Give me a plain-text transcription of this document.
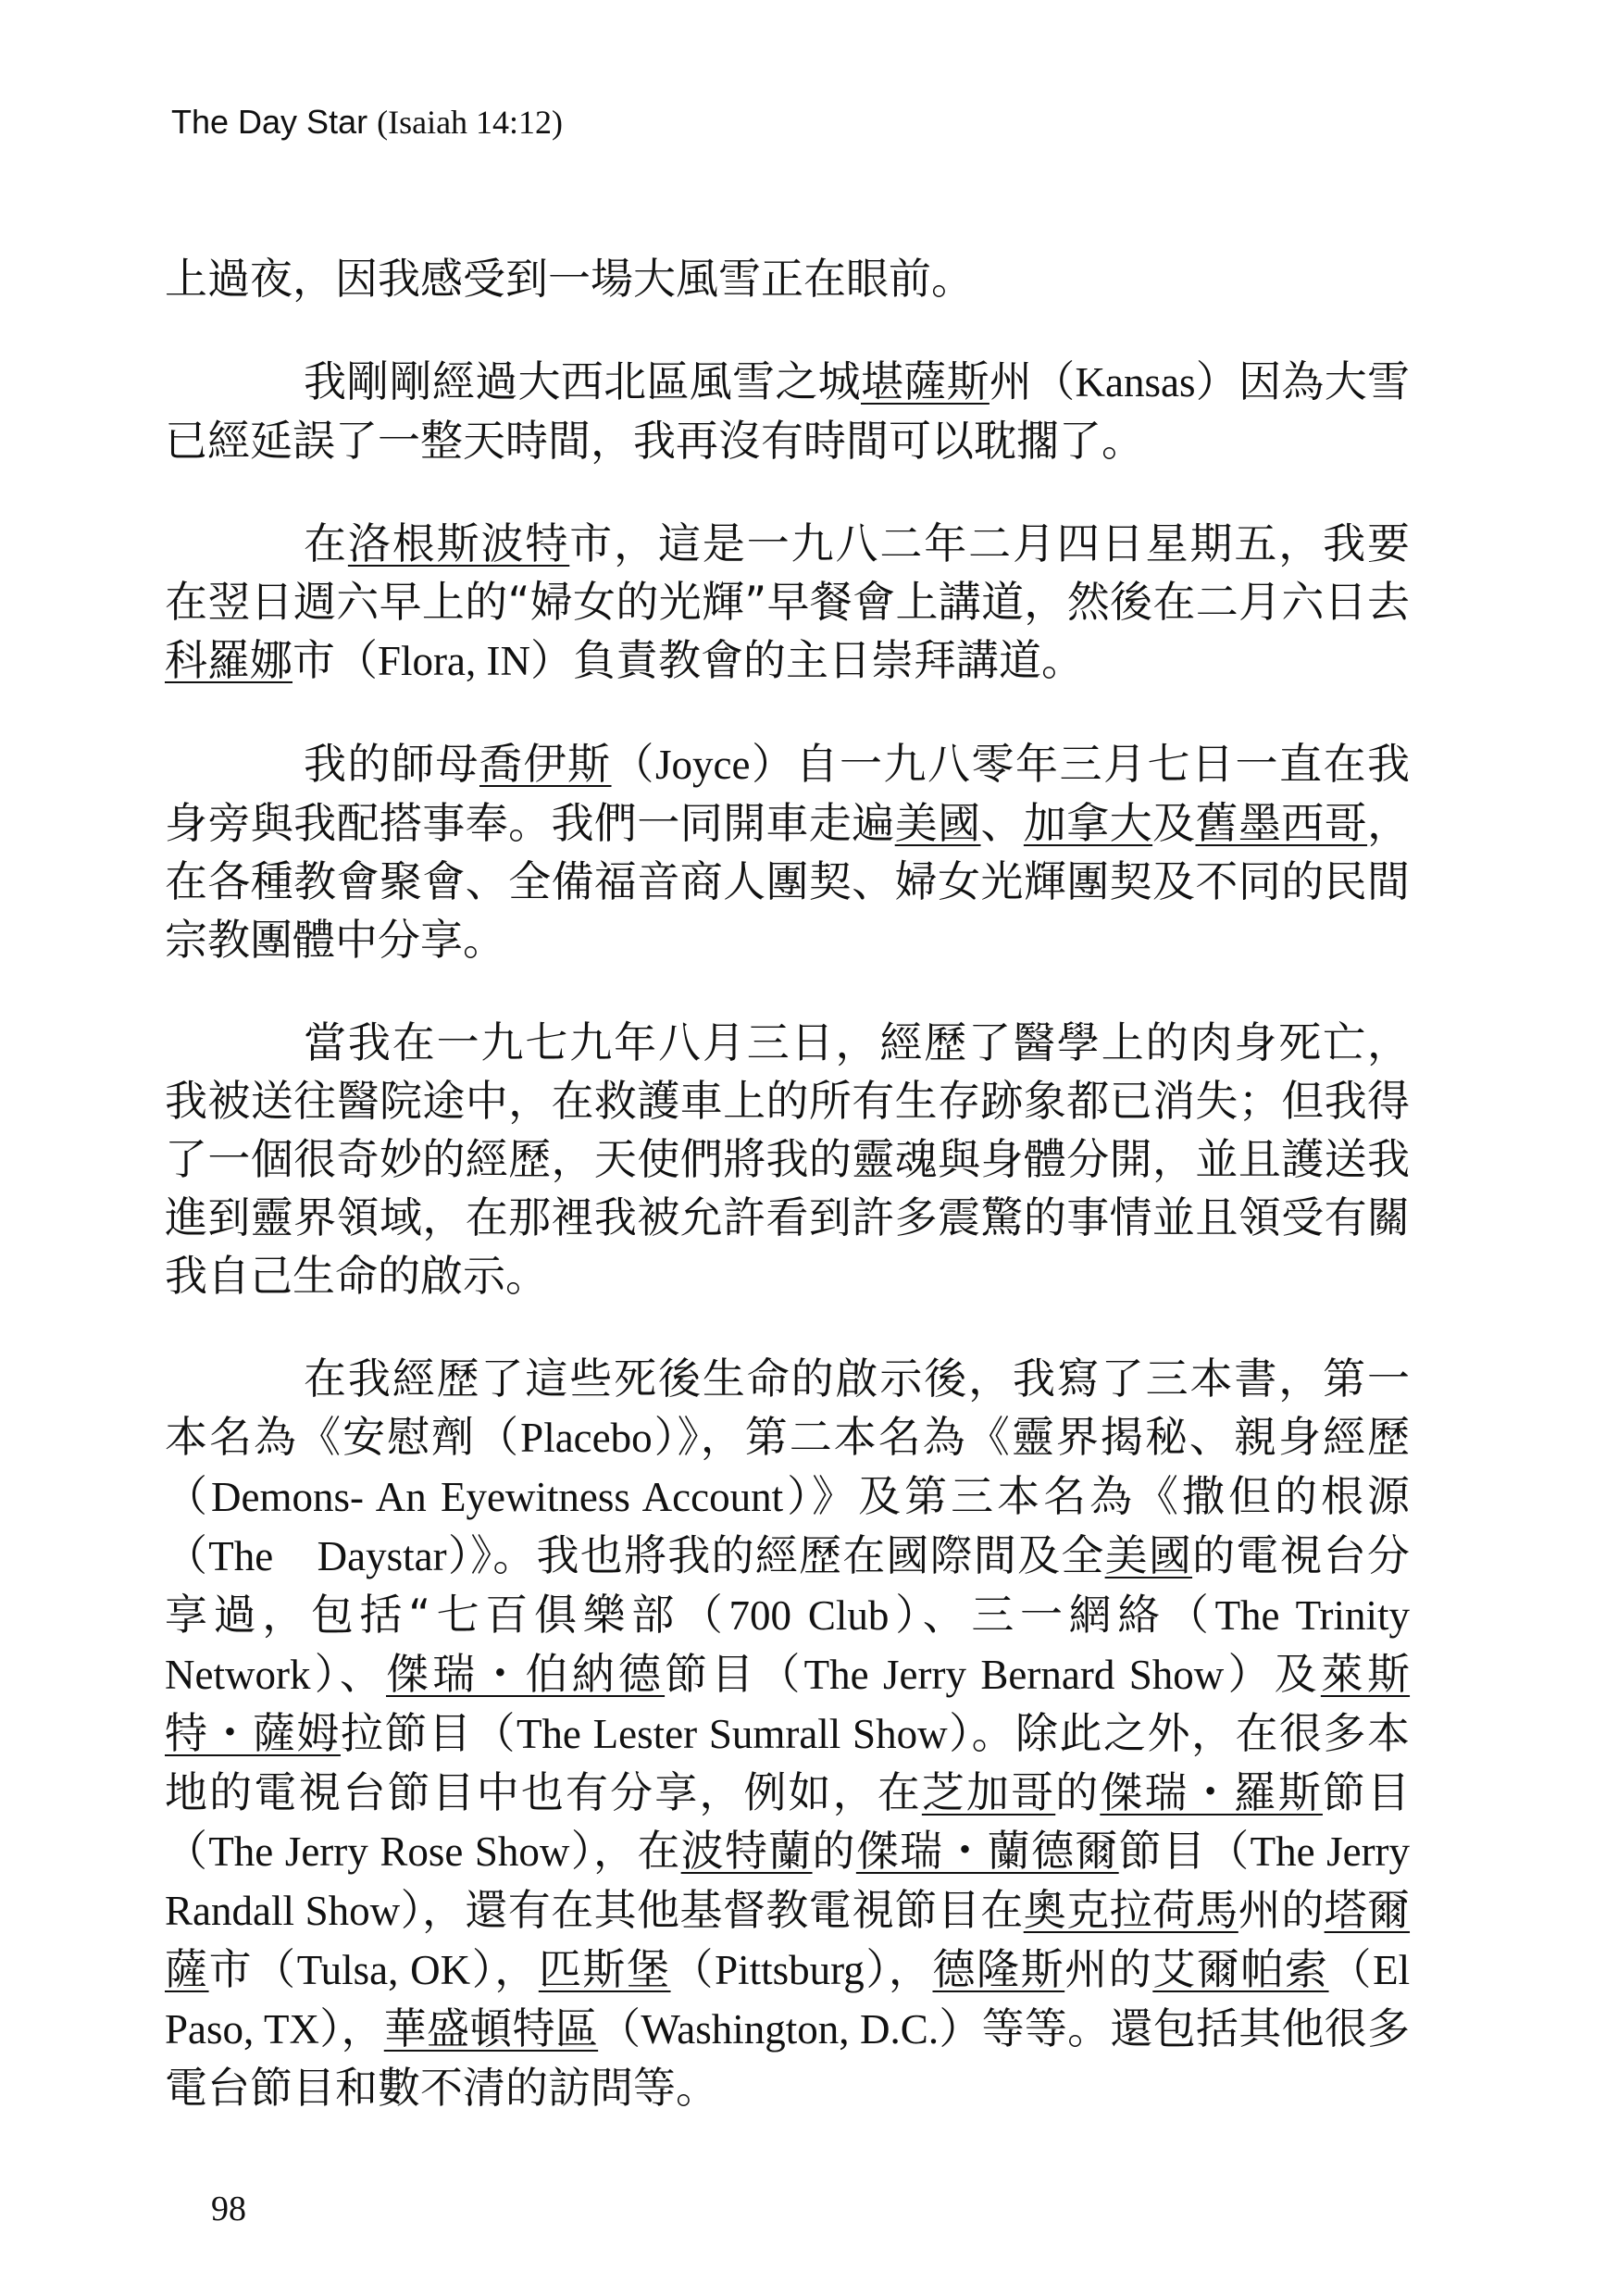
The Day Star (Isaiah 14:12)

上過夜，因我感受到一場大風雪正在眼前。

我剛剛經過大西北區風雪之城堪薩斯州（Kansas）因為大雪已經延誤了一整天時間，我再沒有時間可以耽擱了。

在洛根斯波特市，這是一九八二年二月四日星期五，我要在翌日週六早上的“婦女的光輝”早餐會上講道，然後在二月六日去科羅娜市（Flora, IN）負責教會的主日崇拜講道。

我的師母喬伊斯（Joyce）自一九八零年三月七日一直在我身旁與我配搭事奉。我們一同開車走遍美國、加拿大及舊墨西哥，在各種教會聚會、全備福音商人團契、婦女光輝團契及不同的民間宗教團體中分享。

當我在一九七九年八月三日，經歷了醫學上的肉身死亡，我被送往醫院途中，在救護車上的所有生存跡象都已消失；但我得了一個很奇妙的經歷，天使們將我的靈魂與身體分開，並且護送我進到靈界領域，在那裡我被允許看到許多震驚的事情並且領受有關我自己生命的啟示。

在我經歷了這些死後生命的啟示後，我寫了三本書，第一本名為《安慰劑（Placebo）》，第二本名為《靈界揭秘、親身經歷（Demons- An Eyewitness Account）》及第三本名為《撒但的根源（The　Daystar）》。我也將我的經歷在國際間及全美國的電視台分享過，包括“七百俱樂部（700 Club）、三一網絡（The Trinity Network）、傑瑞・伯納德節目（The Jerry Bernard Show）及萊斯特・薩姆拉節目（The Lester Sumrall Show）。除此之外，在很多本地的電視台節目中也有分享，例如，在芝加哥的傑瑞・羅斯節目（The Jerry Rose Show），在波特蘭的傑瑞・蘭德爾節目（The Jerry Randall Show），還有在其他基督教電視節目在奧克拉荷馬州的塔爾薩市（Tulsa, OK），匹斯堡（Pittsburg），德隆斯州的艾爾帕索（El Paso, TX），華盛頓特區（Washington, D.C.）等等。還包括其他很多電台節目和數不清的訪問等。

98
